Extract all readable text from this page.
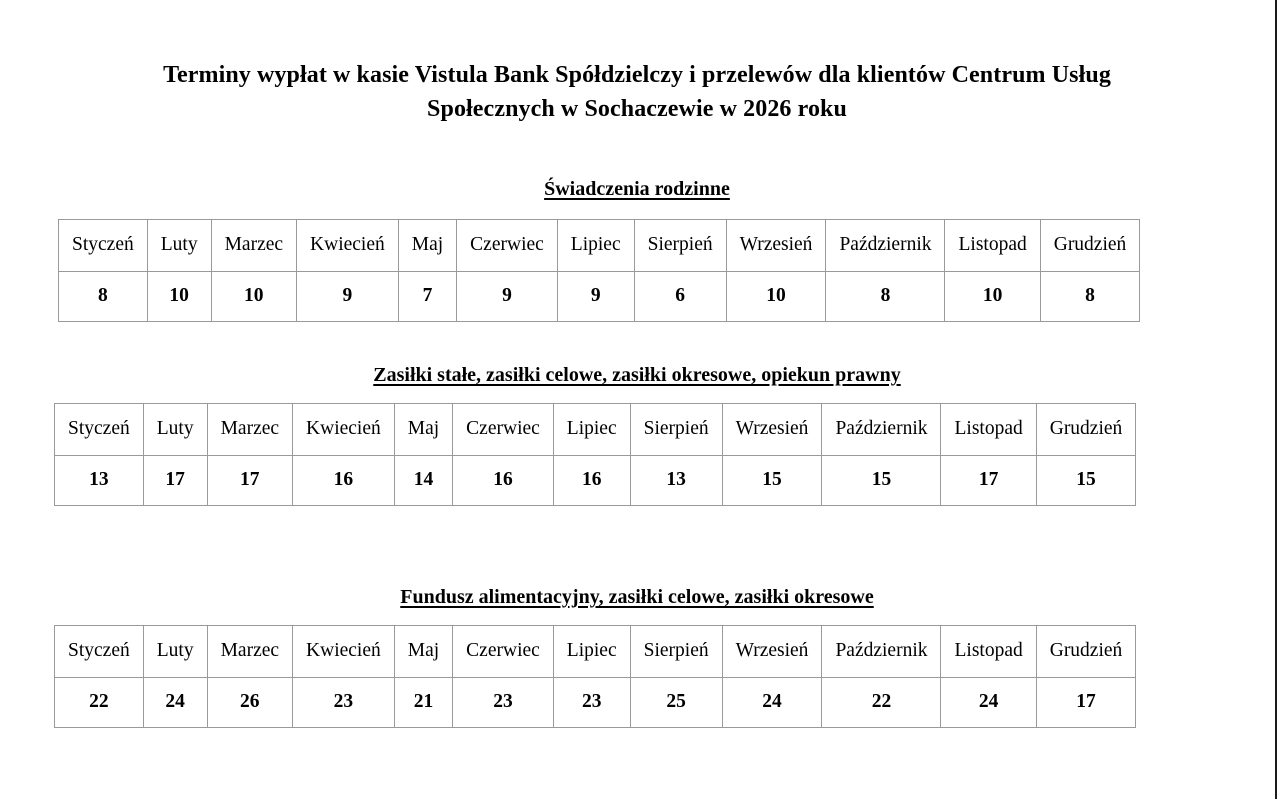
Terminy wypłat w kasie Vistula Bank Spółdzielczy i przelewów dla klientów Centrum Usług Społecznych w Sochaczewie w 2026 roku
Świadczenia rodzinne
Styczeń	Luty	Marzec	Kwiecień	Maj	Czerwiec	Lipiec	Sierpień	Wrzesień	Październik	Listopad	Grudzień
8	10	10	9	7	9	9	6	10	8	10	8
Zasiłki stałe, zasiłki celowe, zasiłki okresowe, opiekun prawny
Styczeń	Luty	Marzec	Kwiecień	Maj	Czerwiec	Lipiec	Sierpień	Wrzesień	Październik	Listopad	Grudzień
13	17	17	16	14	16	16	13	15	15	17	15
Fundusz alimentacyjny, zasiłki celowe, zasiłki okresowe
Styczeń	Luty	Marzec	Kwiecień	Maj	Czerwiec	Lipiec	Sierpień	Wrzesień	Październik	Listopad	Grudzień
22	24	26	23	21	23	23	25	24	22	24	17
